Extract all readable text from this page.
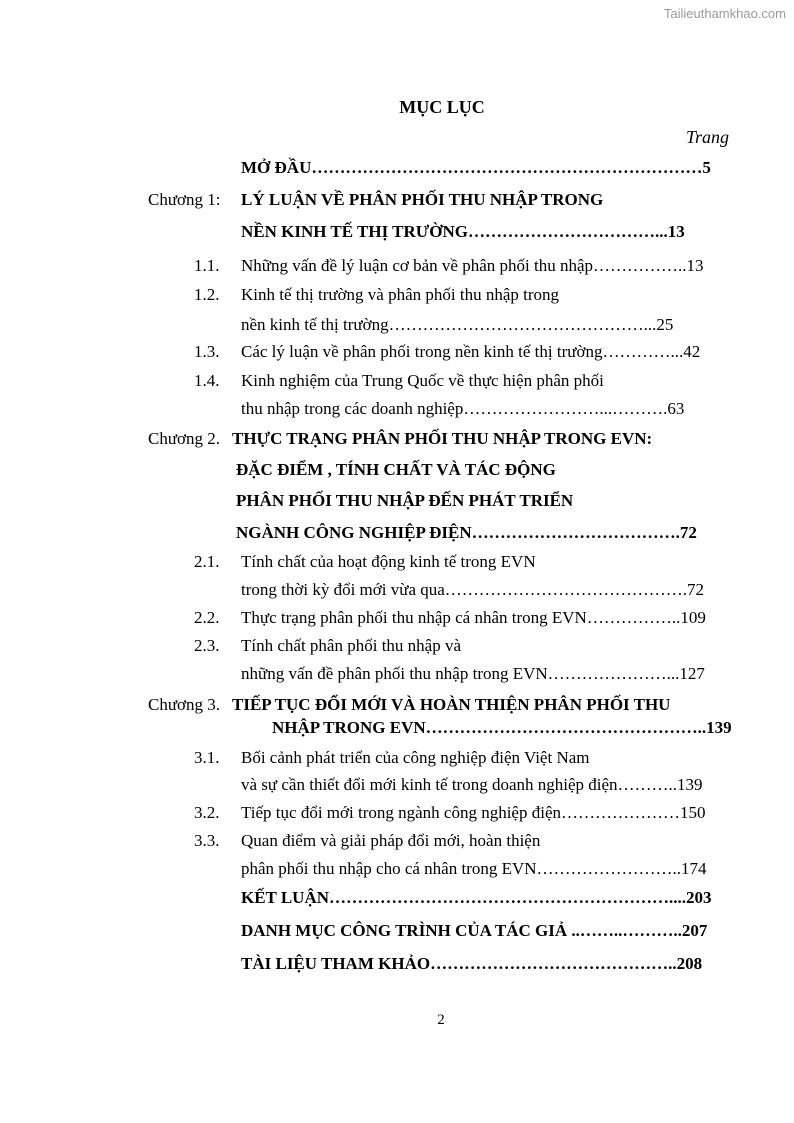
Tailieuthamkhao.com
MỤC LỤC
Trang
MỞ ĐẦU……………………………………………………………5
Chương 1: LÝ LUẬN VỀ PHÂN PHỐI THU NHẬP TRONG
NỀN KINH TẾ THỊ TRƯỜNG……………………………...13
1.1. Những vấn đề lý luận cơ bản về phân phối thu nhập……………..13
1.2. Kinh tế thị trường và phân phối thu nhập trong
nền kinh tế thị trường………………………………………...25
1.3. Các lý luận về phân phối trong nền kinh tế thị trường…………...42
1.4. Kinh nghiệm của Trung Quốc về thực hiện phân phối
thu nhập trong các doanh nghiệp……………………...……….63
Chương 2. THỰC TRẠNG PHÂN PHỐI THU NHẬP TRONG EVN:
ĐẶC ĐIỂM , TÍNH CHẤT VÀ TÁC ĐỘNG
PHÂN PHỐI THU NHẬP ĐẾN PHÁT TRIỂN
NGÀNH CÔNG NGHIỆP ĐIỆN……………………………….72
2.1. Tính chất của hoạt động kinh tế trong EVN
trong thời kỳ đổi mới vừa qua…………………………………….72
2.2. Thực trạng phân phối thu nhập cá nhân trong EVN……………..109
2.3. Tính chất phân phối thu nhập và
những vấn đề phân phối thu nhập trong EVN…………………...127
Chương 3. TIẾP TỤC ĐỔI MỚI VÀ HOÀN THIỆN PHÂN PHỐI THU
NHẬP TRONG EVN…………………………………………..139
3.1. Bối cảnh phát triển của công nghiệp điện Việt Nam
và sự cần thiết đổi mới kinh tế trong doanh nghiệp điện………..139
3.2. Tiếp tục đổi mới trong ngành công nghiệp điện…………………150
3.3. Quan điểm và giải pháp đổi mới, hoàn thiện
phân phối thu nhập cho cá nhân trong EVN……………………..174
KẾT LUẬN……………………………………………………....203
DANH MỤC CÔNG TRÌNH CỦA TÁC GIẢ ..……..………..207
TÀI LIỆU THAM KHẢO……………………………………..208
2
